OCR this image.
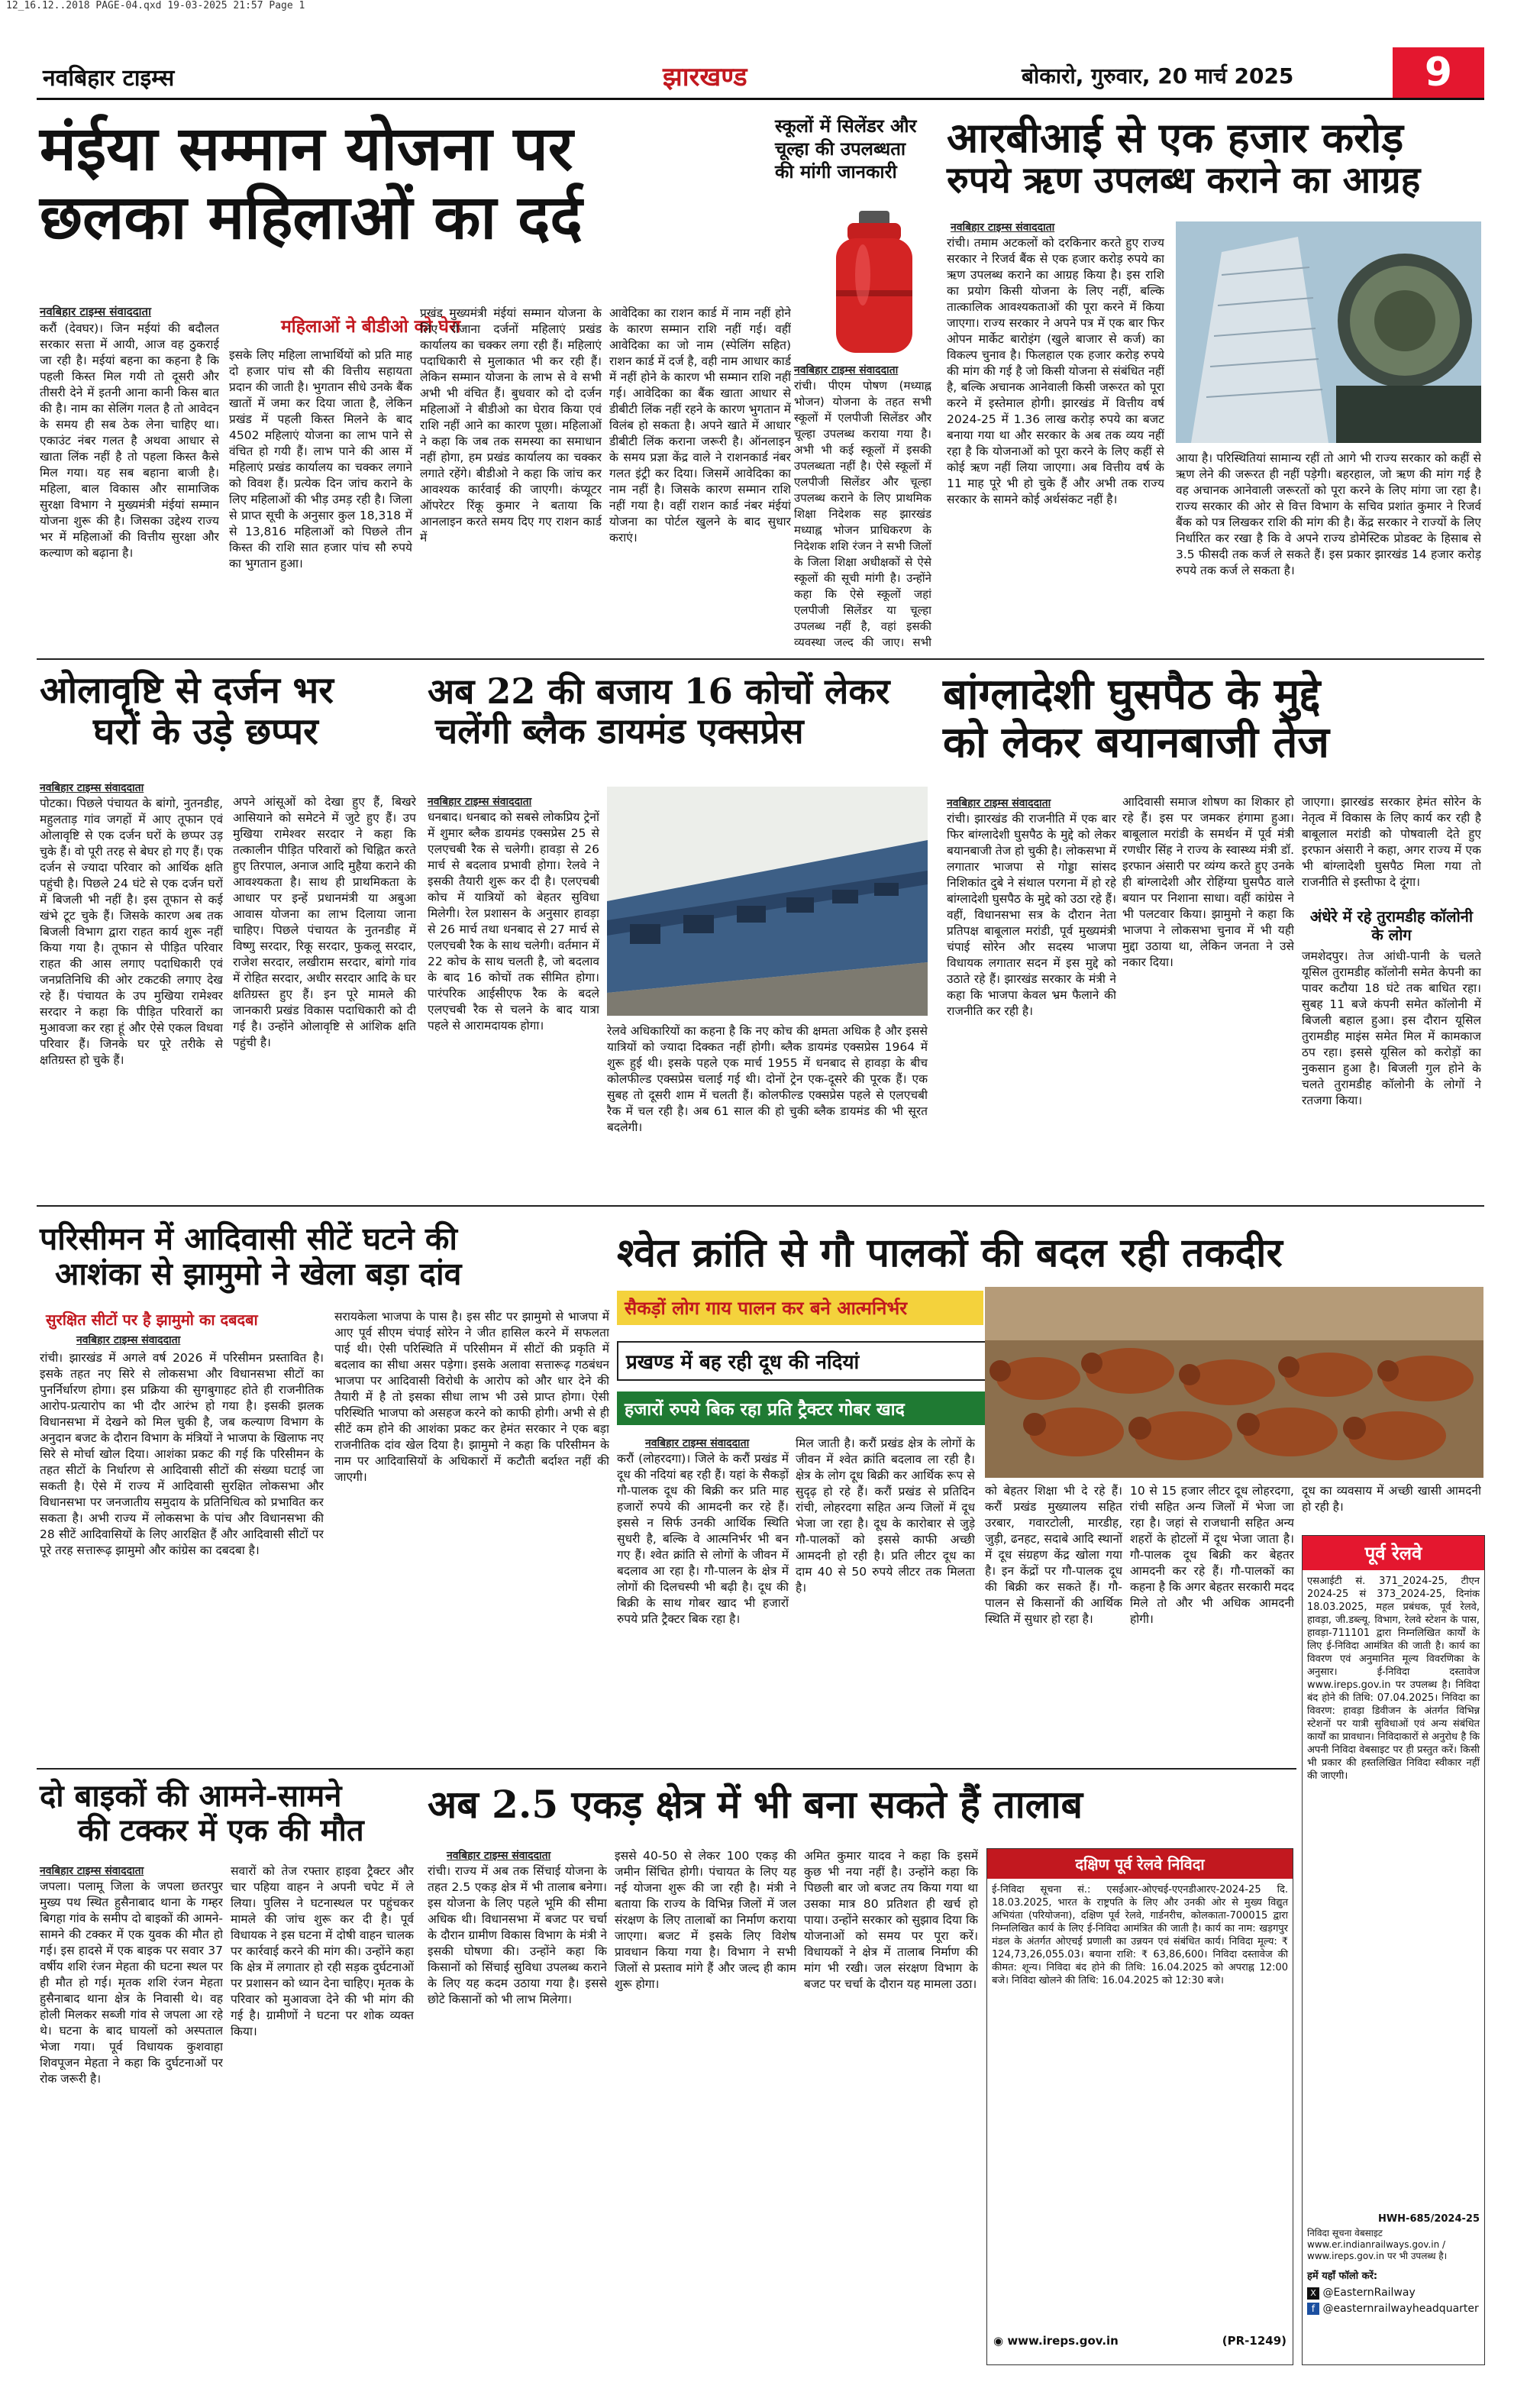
12_16.12..2018 PAGE-04.qxd 19-03-2025 21:57 Page 1
नवबिहार टाइम्स	झारखण्ड	बोकारो, गुरुवार, 20 मार्च 2025	9
मंईया सम्मान योजना पर
छलका महिलाओं का दर्द
नवबिहार टाइम्स संवाददाता
करौं (देवघर)। जिन मईयां की बदौलत सरकार सत्ता में आयी, आज वह ठुकराई जा रही है। मईयां बहना का कहना है कि पहली किस्त मिल गयी तो दूसरी और तीसरी देने में इतनी आना कानी किस बात की है। नाम का सेलिंग गलत है तो आवेदन के समय ही सब ठेक लेना चाहिए था। एकाउंट नंबर गलत है अथवा आधार से खाता लिंक नहीं है तो पहला किस्त कैसे मिल गया। यह सब बहाना बाजी है। महिला, बाल विकास और सामाजिक सुरक्षा विभाग ने मुख्यमंत्री मंईयां सम्मान योजना शुरू की है। जिसका उद्देश्य राज्य भर में महिलाओं की वित्तीय सुरक्षा और कल्याण को बढ़ाना है।
महिलाओं ने बीडीओ को घेरा
इसके लिए महिला लाभार्थियों को प्रति माह दो हजार पांच सौ की वित्तीय सहायता प्रदान की जाती है। भुगतान सीधे उनके बैंक खातों में जमा कर दिया जाता है, लेकिन प्रखंड में पहली किस्त मिलने के बाद 4502 महिलाएं योजना का लाभ पाने से वंचित हो गयी हैं। लाभ पाने की आस में महिलाएं प्रखंड कार्यालय का चक्कर लगाने को विवश हैं। प्रत्येक दिन जांच कराने के लिए महिलाओं की भीड़ उमड़ रही है। जिला से प्राप्त सूची के अनुसार कुल 18,318 में से 13,816 महिलाओं को पिछले तीन किस्त की राशि सात हजार पांच सौ रुपये का भुगतान हुआ।
प्रखंड मुख्यमंत्री मंईयां सम्मान योजना के लिए रोजाना दर्जनों महिलाएं प्रखंड कार्यालय का चक्कर लगा रही हैं। महिलाएं पदाधिकारी से मुलाकात भी कर रही हैं। लेकिन सम्मान योजना के लाभ से वे सभी अभी भी वंचित हैं। बुधवार को दो दर्जन महिलाओं ने बीडीओ का घेराव किया एवं राशि नहीं आने का कारण पूछा। महिलाओं ने कहा कि जब तक समस्या का समाधान नहीं होगा, हम प्रखंड कार्यालय का चक्कर लगाते रहेंगे। बीडीओ ने कहा कि जांच कर आवश्यक कार्रवाई की जाएगी। कंप्यूटर ऑपरेटर रिंकू कुमार ने बताया कि आनलाइन करते समय दिए गए राशन कार्ड में
आवेदिका का राशन कार्ड में नाम नहीं होने के कारण सम्मान राशि नहीं गई। वहीं आवेदिका का जो नाम (स्पेलिंग सहित) राशन कार्ड में दर्ज है, वही नाम आधार कार्ड में नहीं होने के कारण भी सम्मान राशि नहीं गई। आवेदिका का बैंक खाता आधार से डीबीटी लिंक नहीं रहने के कारण भुगतान में विलंब हो सकता है। अपने खाते में आधार डीबीटी लिंक कराना जरूरी है। ऑनलाइन के समय प्रज्ञा केंद्र वाले ने राशनकार्ड नंबर गलत इंट्री कर दिया। जिसमें आवेदिका का नाम नहीं है। जिसके कारण सम्मान राशि नहीं गया है। वहीं राशन कार्ड नंबर मंईयां योजना का पोर्टल खुलने के बाद सुधार कराएं।
स्कूलों में सिलेंडर और चूल्हा की उपलब्धता की मांगी जानकारी
नवबिहार टाइम्स संवाददाता
रांची। पीएम पोषण (मध्याह्न भोजन) योजना के तहत सभी स्कूलों में एलपीजी सिलेंडर और चूल्हा उपलब्ध कराया गया है। अभी भी कई स्कूलों में इसकी उपलब्धता नहीं है। ऐसे स्कूलों में एलपीजी सिलेंडर और चूल्हा उपलब्ध कराने के लिए प्राथमिक शिक्षा निदेशक सह झारखंड मध्याह्न भोजन प्राधिकरण के निदेशक शशि रंजन ने सभी जिलों के जिला शिक्षा अधीक्षकों से ऐसे स्कूलों की सूची मांगी है। उन्होंने कहा कि ऐसे स्कूलों जहां एलपीजी सिलेंडर या चूल्हा उपलब्ध नहीं है, वहां इसकी व्यवस्था जल्द की जाए। सभी
आरबीआई से एक हजार करोड़
रुपये ऋण उपलब्ध कराने का आग्रह
नवबिहार टाइम्स संवाददाता
रांची। तमाम अटकलों को दरकिनार करते हुए राज्य सरकार ने रिजर्व बैंक से एक हजार करोड़ रुपये का ऋण उपलब्ध कराने का आग्रह किया है। इस राशि का प्रयोग किसी योजना के लिए नहीं, बल्कि तात्कालिक आवश्यकताओं की पूरा करने में किया जाएगा। राज्य सरकार ने अपने पत्र में एक बार फिर ओपन मार्केट बारोइंग (खुले बाजार से कर्ज) का विकल्प चुनाव है। फिलहाल एक हजार करोड़ रुपये की मांग की गई है जो किसी योजना से संबंधित नहीं है, बल्कि अचानक आनेवाली किसी जरूरत को पूरा करने में इस्तेमाल होगी। झारखंड में वित्तीय वर्ष 2024-25 में 1.36 लाख करोड़ रुपये का बजट बनाया गया था और सरकार के अब तक व्यय नहीं रहा है कि योजनाओं को पूरा करने के लिए कहीं से कोई ऋण नहीं लिया जाएगा। अब वित्तीय वर्ष के 11 माह पूरे भी हो चुके हैं और अभी तक राज्य सरकार के सामने कोई अर्थसंकट नहीं है।
आया है। परिस्थितियां सामान्य रहीं तो आगे भी राज्य सरकार को कहीं से ऋण लेने की जरूरत ही नहीं पड़ेगी। बहरहाल, जो ऋण की मांग गई है वह अचानक आनेवाली जरूरतों को पूरा करने के लिए मांगा जा रहा है। राज्य सरकार की ओर से वित्त विभाग के सचिव प्रशांत कुमार ने रिजर्व बैंक को पत्र लिखकर राशि की मांग की है। केंद्र सरकार ने राज्यों के लिए निर्धारित कर रखा है कि वे अपने राज्य डोमेस्टिक प्रोडक्ट के हिसाब से 3.5 फीसदी तक कर्ज ले सकते हैं। इस प्रकार झारखंड 14 हजार करोड़ रुपये तक कर्ज ले सकता है।
ओलावृष्टि से दर्जन भर
घरों के उड़े छप्पर
नवबिहार टाइम्स संवाददाता
पोटका। पिछले पंचायत के बांगो, नुतनडीह, महुलताड़ गांव जगहों में आए तूफान एवं ओलावृष्टि से एक दर्जन घरों के छप्पर उड़ चुके हैं। वो पूरी तरह से बेघर हो गए हैं। एक दर्जन से ज्यादा परिवार को आर्थिक क्षति पहुंची है। पिछले 24 घंटे से एक दर्जन घरों में बिजली भी नहीं है। इस तूफान से कई खंभे टूट चुके हैं। जिसके कारण अब तक बिजली विभाग द्वारा राहत कार्य शुरू नहीं किया गया है। तूफान से पीड़ित परिवार राहत की आस लगाए पदाधिकारी एवं जनप्रतिनिधि की ओर टकटकी लगाए देख रहे हैं। पंचायत के उप मुखिया रामेश्वर सरदार ने कहा कि पीड़ित परिवारों का मुआवजा कर रहा हूं और ऐसे एकल विधवा परिवार हैं। जिनके घर पूरे तरीके से क्षतिग्रस्त हो चुके हैं।
अपने आंसूओं को देखा हुए हैं, बिखरे आसियाने को समेटने में जुटे हुए हैं। उप मुखिया रामेश्वर सरदार ने कहा कि तत्कालीन पीड़ित परिवारों को चिह्नित करते हुए तिरपाल, अनाज आदि मुहैया कराने की आवश्यकता है। साथ ही प्राथमिकता के आधार पर इन्हें प्रधानमंत्री या अबुआ आवास योजना का लाभ दिलाया जाना चाहिए। पिछले पंचायत के नुतनडीह में विष्णु सरदार, रिकू सरदार, फुकलू सरदार, राजेश सरदार, लखीराम सरदार, बांगो गांव में रोहित सरदार, अधीर सरदार आदि के घर क्षतिग्रस्त हुए हैं। इन पूरे मामले की जानकारी प्रखंड विकास पदाधिकारी को दी गई है। उन्होंने ओलावृष्टि से आंशिक क्षति पहुंची है।
अब 22 की बजाय 16 कोचों लेकर
चलेंगी ब्लैक डायमंड एक्सप्रेस
नवबिहार टाइम्स संवाददाता
धनबाद। धनबाद को सबसे लोकप्रिय ट्रेनों में शुमार ब्लैक डायमंड एक्सप्रेस 25 से एलएचबी रैक से चलेगी। हावड़ा से 26 मार्च से बदलाव प्रभावी होगा। रेलवे ने इसकी तैयारी शुरू कर दी है। एलएचबी कोच में यात्रियों को बेहतर सुविधा मिलेगी। रेल प्रशासन के अनुसार हावड़ा से 26 मार्च तथा धनबाद से 27 मार्च से एलएचबी रैक के साथ चलेगी। वर्तमान में 22 कोच के साथ चलती है, जो बदलाव के बाद 16 कोचों तक सीमित होगा। पारंपरिक आईसीएफ रैक के बदले एलएचबी रैक से चलने के बाद यात्रा पहले से आरामदायक होगा।	रेलवे अधिकारियों का कहना है कि नए कोच की क्षमता अधिक है और इससे यात्रियों को ज्यादा दिक्कत नहीं होगी। ब्लैक डायमंड एक्सप्रेस 1964 में शुरू हुई थी। इसके पहले एक मार्च 1955 में धनबाद से हावड़ा के बीच कोलफील्ड एक्सप्रेस चलाई गई थी। दोनों ट्रेन एक-दूसरे की पूरक हैं। एक सुबह तो दूसरी शाम में चलती हैं। कोलफील्ड एक्सप्रेस पहले से एलएचबी रैक में चल रही है। अब 61 साल की हो चुकी ब्लैक डायमंड की भी सूरत बदलेगी।
बांग्लादेशी घुसपैठ के मुद्दे
को लेकर बयानबाजी तेज
नवबिहार टाइम्स संवाददाता
रांची। झारखंड की राजनीति में एक बार फिर बांग्लादेशी घुसपैठ के मुद्दे को लेकर बयानबाजी तेज हो चुकी है। लोकसभा में लगातार भाजपा से गोड्डा सांसद निशिकांत दुबे ने संथाल परगना में हो रहे बांग्लादेशी घुसपैठ के मुद्दे को उठा रहे हैं। वहीं, विधानसभा सत्र के दौरान नेता प्रतिपक्ष बाबूलाल मरांडी, पूर्व मुख्यमंत्री चंपाई सोरेन और सदस्य भाजपा विधायक लगातार सदन में इस मुद्दे को उठाते रहे हैं। झारखंड सरकार के मंत्री ने कहा कि भाजपा केवल भ्रम फैलाने की राजनीति कर रही है।
आदिवासी समाज शोषण का शिकार हो रहे हैं। इस पर जमकर हंगामा हुआ। बाबूलाल मरांडी के समर्थन में पूर्व मंत्री रणधीर सिंह ने राज्य के स्वास्थ्य मंत्री डॉ. इरफान अंसारी पर व्यंग्य करते हुए उनके ही बांग्लादेशी और रोहिंग्या घुसपैठ वाले बयान पर निशाना साधा। वहीं कांग्रेस ने भी पलटवार किया। झामुमो ने कहा कि भाजपा ने लोकसभा चुनाव में भी यही मुद्दा उठाया था, लेकिन जनता ने उसे नकार दिया।
जाएगा। झारखंड सरकार हेमंत सोरेन के नेतृत्व में विकास के लिए कार्य कर रही है बाबूलाल मरांडी को पोषवाली देते हुए इरफान अंसारी ने कहा, अगर राज्य में एक भी बांग्लादेशी घुसपैठ मिला गया तो राजनीति से इस्तीफा दे दूंगा।
अंधेरे में रहे तुरामडीह कॉलोनी के लोग
जमशेदपुर। तेज आंधी-पानी के चलते यूसिल तुरामडीह कॉलोनी समेत केपनी का पावर कटौया 18 घंटे तक बाधित रहा। सुबह 11 बजे कंपनी समेत कॉलोनी में बिजली बहाल हुआ। इस दौरान यूसिल तुरामडीह माइंस समेत मिल में कामकाज ठप रहा। इससे यूसिल को करोड़ों का नुकसान हुआ है। बिजली गुल होने के चलते तुरामडीह कॉलोनी के लोगों ने रतजगा किया।
परिसीमन में आदिवासी सीटें घटने की
आशंका से झामुमो ने खेला बड़ा दांव
सुरक्षित सीटों पर है झामुमो का दबदबा
नवबिहार टाइम्स संवाददाता
रांची। झारखंड में अगले वर्ष 2026 में परिसीमन प्रस्तावित है। इसके तहत नए सिरे से लोकसभा और विधानसभा सीटों का पुनर्निर्धारण होगा। इस प्रक्रिया की सुगबुगाहट होते ही राजनीतिक आरोप-प्रत्यारोप का भी दौर आरंभ हो गया है। इसकी झलक विधानसभा में देखने को मिल चुकी है, जब कल्याण विभाग के अनुदान बजट के दौरान विभाग के मंत्रियों ने भाजपा के खिलाफ नए सिरे से मोर्चा खोल दिया। आशंका प्रकट की गई कि परिसीमन के तहत सीटों के निर्धारण से आदिवासी सीटों की संख्या घटाई जा सकती है। ऐसे में राज्य में आदिवासी सुरक्षित लोकसभा और विधानसभा पर जनजातीय समुदाय के प्रतिनिधित्व को प्रभावित कर सकता है। अभी राज्य में लोकसभा के पांच और विधानसभा की 28 सीटें आदिवासियों के लिए आरक्षित हैं और आदिवासी सीटों पर पूरे तरह सत्तारूढ़ झामुमो और कांग्रेस का दबदबा है।
सरायकेला भाजपा के पास है। इस सीट पर झामुमो से भाजपा में आए पूर्व सीएम चंपाई सोरेन ने जीत हासिल करने में सफलता पाई थी। ऐसी परिस्थिति में परिसीमन में सीटों की प्रकृति में बदलाव का सीधा असर पड़ेगा। इसके अलावा सत्तारूढ़ गठबंधन भाजपा पर आदिवासी विरोधी के आरोप को और धार देने की तैयारी में है तो इसका सीधा लाभ भी उसे प्राप्त होगा। ऐसी परिस्थिति भाजपा को असहज करने को काफी होगी। अभी से ही सीटें कम होने की आशंका प्रकट कर हेमंत सरकार ने एक बड़ा राजनीतिक दांव खेल दिया है। झामुमो ने कहा कि परिसीमन के नाम पर आदिवासियों के अधिकारों में कटौती बर्दाश्त नहीं की जाएगी।
श्वेत क्रांति से गौ पालकों की बदल रही तकदीर
सैकड़ों लोग गाय पालन कर बने आत्मनिर्भर
प्रखण्ड में बह रही दूध की नदियां
हजारों रुपये बिक रहा प्रति ट्रैक्टर गोबर खाद
नवबिहार टाइम्स संवाददाता
करौं (लोहरदगा)। जिले के करौं प्रखंड में दूध की नदियां बह रही हैं। यहां के सैकड़ों गौ-पालक दूध की बिक्री कर प्रति माह हजारों रुपये की आमदनी कर रहे हैं। इससे न सिर्फ उनकी आर्थिक स्थिति सुधरी है, बल्कि वे आत्मनिर्भर भी बन गए हैं। श्वेत क्रांति से लोगों के जीवन में बदलाव आ रहा है। गौ-पालन के क्षेत्र में लोगों की दिलचस्पी भी बढ़ी है। दूध की बिक्री के साथ गोबर खाद भी हजारों रुपये प्रति ट्रैक्टर बिक रहा है।
मिल जाती है। करौं प्रखंड क्षेत्र के लोगों के जीवन में श्वेत क्रांति बदलाव ला रही है। क्षेत्र के लोग दूध बिक्री कर आर्थिक रूप से सुदृढ़ हो रहे हैं। करौं प्रखंड से प्रतिदिन रांची, लोहरदगा सहित अन्य जिलों में दूध भेजा जा रहा है। दूध के कारोबार से जुड़े गौ-पालकों को इससे काफी अच्छी आमदनी हो रही है। प्रति लीटर दूध का दाम 40 से 50 रुपये लीटर तक मिलता है।
को बेहतर शिक्षा भी दे रहे हैं। करौं प्रखंड मुख्यालय सहित उरबार, गवारटोली, मारडीह, जुड़ी, ढनहट, सदाबे आदि स्थानों में दूध संग्रहण केंद्र खोला गया है। इन केंद्रों पर गौ-पालक दूध की बिक्री कर सकते हैं। गौ-पालन से किसानों की आर्थिक स्थिति में सुधार हो रहा है।
10 से 15 हजार लीटर दूध लोहरदगा, रांची सहित अन्य जिलों में भेजा जा रहा है। जहां से राजधानी सहित अन्य शहरों के होटलों में दूध भेजा जाता है। गौ-पालक दूध बिक्री कर बेहतर आमदनी कर रहे हैं। गौ-पालकों का कहना है कि अगर बेहतर सरकारी मदद मिले तो और भी अधिक आमदनी होगी।
दूध का व्यवसाय में अच्छी खासी आमदनी हो रही है।
पूर्व रेलवे
एसआईटी सं. 371_2024-25, टीएन 2024-25 सं 373_2024-25, दिनांक 18.03.2025, महल प्रबंधक, पूर्व रेलवे, हावड़ा, जी.डब्ल्यू. विभाग, रेलवे स्टेशन के पास, हावड़ा-711101 द्वारा निम्नलिखित कार्यों के लिए ई-निविदा आमंत्रित की जाती है। कार्य का विवरण एवं अनुमानित मूल्य विवरणिका के अनुसार। ई-निविदा दस्तावेज www.ireps.gov.in पर उपलब्ध है। निविदा बंद होने की तिथि: 07.04.2025। निविदा का विवरण: हावड़ा डिवीजन के अंतर्गत विभिन्न स्टेशनों पर यात्री सुविधाओं एवं अन्य संबंधित कार्यों का प्रावधान। निविदाकारों से अनुरोध है कि अपनी निविदा वेबसाइट पर ही प्रस्तुत करें। किसी भी प्रकार की हस्तलिखित निविदा स्वीकार नहीं की जाएगी।
HWH-685/2024-25
निविदा सूचना वेबसाइट www.er.indianrailways.gov.in / www.ireps.gov.in पर भी उपलब्ध है।
हमें यहाँ फॉलो करें:
X @EasternRailway
f @easternrailwayheadquarter
दो बाइकों की आमने-सामने
की टक्कर में एक की मौत
नवबिहार टाइम्स संवाददाता
जपला। पलामू जिला के जपला छतरपुर मुख्य पथ स्थित हुसैनाबाद थाना के गम्हर बिगहा गांव के समीप दो बाइकों की आमने-सामने की टक्कर में एक युवक की मौत हो गई। इस हादसे में एक बाइक पर सवार 37 वर्षीय शशि रंजन मेहता की घटना स्थल पर ही मौत हो गई। मृतक शशि रंजन मेहता हुसैनाबाद थाना क्षेत्र के निवासी थे। वह होली मिलकर सब्जी गांव से जपला आ रहे थे। घटना के बाद घायलों को अस्पताल भेजा गया। पूर्व विधायक कुशवाहा शिवपूजन मेहता ने कहा कि दुर्घटनाओं पर रोक जरूरी है।
सवारों को तेज रफ्तार हाइवा ट्रैक्टर और चार पहिया वाहन ने अपनी चपेट में ले लिया। पुलिस ने घटनास्थल पर पहुंचकर मामले की जांच शुरू कर दी है। पूर्व विधायक ने इस घटना में दोषी वाहन चालक पर कार्रवाई करने की मांग की। उन्होंने कहा कि क्षेत्र में लगातार हो रही सड़क दुर्घटनाओं पर प्रशासन को ध्यान देना चाहिए। मृतक के परिवार को मुआवजा देने की भी मांग की गई है। ग्रामीणों ने घटना पर शोक व्यक्त किया।
अब 2.5 एकड़ क्षेत्र में भी बना सकते हैं तालाब
नवबिहार टाइम्स संवाददाता
रांची। राज्य में अब तक सिंचाई योजना के तहत 2.5 एकड़ क्षेत्र में भी तालाब बनेगा। इस योजना के लिए पहले भूमि की सीमा अधिक थी। विधानसभा में बजट पर चर्चा के दौरान ग्रामीण विकास विभाग के मंत्री ने इसकी घोषणा की। उन्होंने कहा कि किसानों को सिंचाई सुविधा उपलब्ध कराने के लिए यह कदम उठाया गया है। इससे छोटे किसानों को भी लाभ मिलेगा।
इससे 40-50 से लेकर 100 एकड़ की जमीन सिंचित होगी। पंचायत के लिए यह नई योजना शुरू की जा रही है। मंत्री ने बताया कि राज्य के विभिन्न जिलों में जल संरक्षण के लिए तालाबों का निर्माण कराया जाएगा। बजट में इसके लिए विशेष प्रावधान किया गया है। विभाग ने सभी जिलों से प्रस्ताव मांगे हैं और जल्द ही काम शुरू होगा।
अमित कुमार यादव ने कहा कि इसमें कुछ भी नया नहीं है। उन्होंने कहा कि पिछली बार जो बजट तय किया गया था उसका मात्र 80 प्रतिशत ही खर्च हो पाया। उन्होंने सरकार को सुझाव दिया कि योजनाओं को समय पर पूरा करें। विधायकों ने क्षेत्र में तालाब निर्माण की मांग भी रखी। जल संरक्षण विभाग के बजट पर चर्चा के दौरान यह मामला उठा।
दक्षिण पूर्व रेलवे निविदा
ई-निविदा सूचना सं.: एसईआर-ओएचई-एएनडीआरए-2024-25 दि. 18.03.2025, भारत के राष्ट्रपति के लिए और उनकी ओर से मुख्य विद्युत अभियंता (परियोजना), दक्षिण पूर्व रेलवे, गार्डनरीच, कोलकाता-700015 द्वारा निम्नलिखित कार्य के लिए ई-निविदा आमंत्रित की जाती है। कार्य का नाम: खड़गपुर मंडल के अंतर्गत ओएचई प्रणाली का उन्नयन एवं संबंधित कार्य। निविदा मूल्य: ₹ 124,73,26,055.03। बयाना राशि: ₹ 63,86,600। निविदा दस्तावेज की कीमत: शून्य। निविदा बंद होने की तिथि: 16.04.2025 को अपराह्न 12:00 बजे। निविदा खोलने की तिथि: 16.04.2025 को 12:30 बजे।
◉ www.ireps.gov.in	(PR-1249)
